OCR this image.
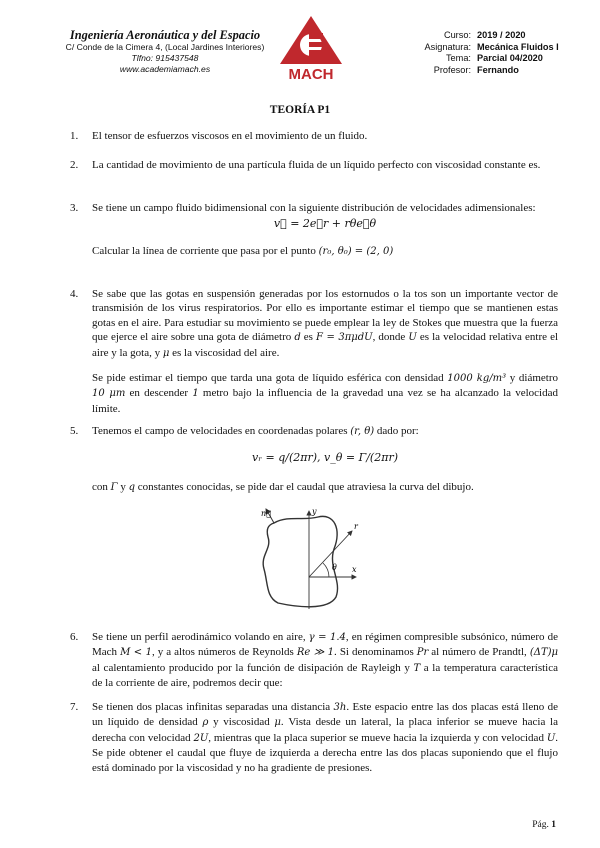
Ingeniería Aeronáutica y del Espacio
C/ Conde de la Cimera 4, (Local Jardines Interiores)
Tlfno: 915437548
www.academiamach.es	MACH
Curso: 2019 / 2020
Asignatura: Mecánica Fluidos I
Tema: Parcial 04/2020
Profesor: Fernando
TEORÍA P1
1. El tensor de esfuerzos viscosos en el movimiento de un fluido.

2. La cantidad de movimiento de una partícula fluida de un líquido perfecto con viscosidad constante es.

3. Se tiene un campo fluido bidimensional con la siguiente distribución de velocidades adimensionales:

v⃗ = 2e⃗r + rθe⃗θ

Calcular la línea de corriente que pasa por el punto (r₀, θ₀) = (2, 0)

4. Se sabe que las gotas en suspensión generadas por los estornudos o la tos son un importante vector de transmisión de los virus respiratorios. Por ello es importante estimar el tiempo que se mantienen estas gotas en el aire. Para estudiar su movimiento se puede emplear la ley de Stokes que muestra que la fuerza que ejerce el aire sobre una gota de diámetro d es F = 3πμdU, donde U es la velocidad relativa entre el aire y la gota, y μ es la viscosidad del aire.

Se pide estimar el tiempo que tarda una gota de líquido esférica con densidad 1000 kg/m³ y diámetro 10 μm en descender 1 metro bajo la influencia de la gravedad una vez se ha alcanzado la velocidad límite.

5. Tenemos el campo de velocidades en coordenadas polares (r, θ) dado por:

vᵣ = q/(2πr), v_θ = Γ/(2πr)

con Γ y q constantes conocidas, se pide dar el caudal que atraviesa la curva del dibujo.

n⃗	y
x
r
θ
6. Se tiene un perfil aerodinámico volando en aire, γ = 1.4, en régimen compresible subsónico, número de Mach M < 1, y a altos números de Reynolds Re ≫ 1. Si denominamos Pr al número de Prandtl, (ΔT)μ al calentamiento producido por la función de disipación de Rayleigh y T a la temperatura característica de la corriente de aire, podremos decir que:

7. Se tienen dos placas infinitas separadas una distancia 3h. Este espacio entre las dos placas está lleno de un líquido de densidad ρ y viscosidad μ. Vista desde un lateral, la placa inferior se mueve hacia la derecha con velocidad 2U, mientras que la placa superior se mueve hacia la izquierda y con velocidad U. Se pide obtener el caudal que fluye de izquierda a derecha entre las dos placas suponiendo que el flujo está dominado por la viscosidad y no ha gradiente de presiones.

Pág. 1
